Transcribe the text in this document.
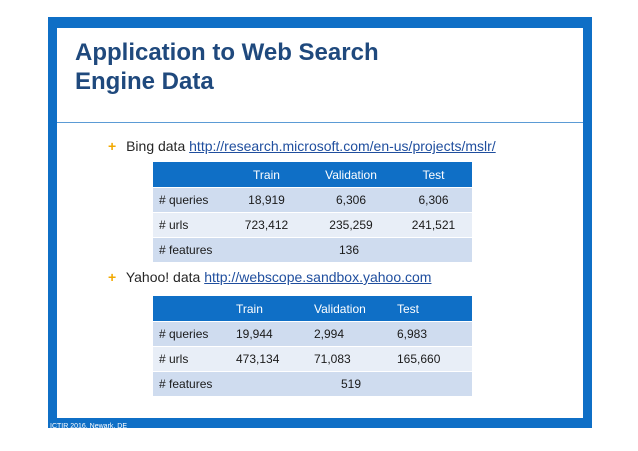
Application to Web Search
Engine Data
+ Bing data http://research.microsoft.com/en-us/projects/mslr/
	Train	Validation	Test
# queries	18,919	6,306	6,306
# urls	723,412	235,259	241,521
# features	136		
+ Yahoo! data http://webscope.sandbox.yahoo.com
	Train	Validation	Test
# queries	19,944	2,994	6,983
# urls	473,134	71,083	165,660
# features	519		
ICTIR 2016, Newark, DE
